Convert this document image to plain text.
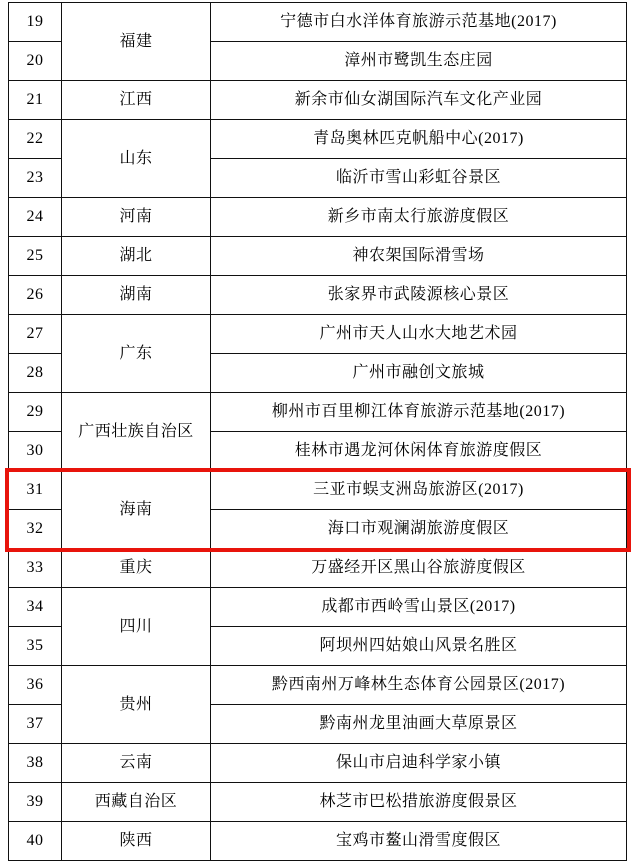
19	福建	宁德市白水洋体育旅游示范基地(2017)
20		漳州市鹭凯生态庄园
21	江西	新余市仙女湖国际汽车文化产业园
22	山东	青岛奥林匹克帆船中心(2017)
23		临沂市雪山彩虹谷景区
24	河南	新乡市南太行旅游度假区
25	湖北	神农架国际滑雪场
26	湖南	张家界市武陵源核心景区
27	广东	广州市天人山水大地艺术园
28		广州市融创文旅城
29	广西壮族自治区	柳州市百里柳江体育旅游示范基地(2017)
30		桂林市遇龙河休闲体育旅游度假区
31	海南	三亚市蜈支洲岛旅游区(2017)
32		海口市观澜湖旅游度假区
33	重庆	万盛经开区黑山谷旅游度假区
34	四川	成都市西岭雪山景区(2017)
35		阿坝州四姑娘山风景名胜区
36	贵州	黔西南州万峰林生态体育公园景区(2017)
37		黔南州龙里油画大草原景区
38	云南	保山市启迪科学家小镇
39	西藏自治区	林芝市巴松措旅游度假景区
40	陕西	宝鸡市鳌山滑雪度假区
